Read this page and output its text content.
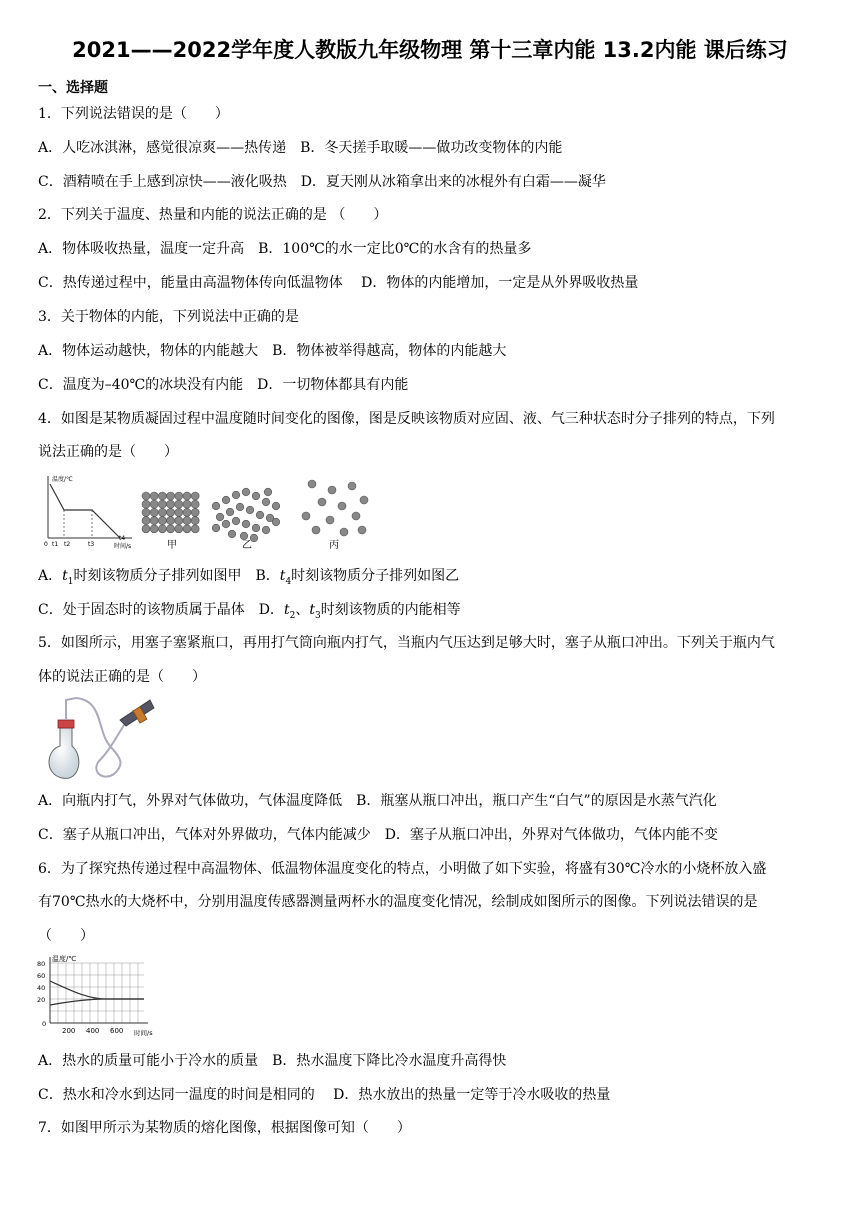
2021——2022学年度人教版九年级物理 第十三章内能 13.2内能 课后练习
一、选择题
1．下列说法错误的是（　　）
A．人吃冰淇淋，感觉很凉爽——热传递　B．冬天搓手取暖——做功改变物体的内能
C．酒精喷在手上感到凉快——液化吸热　D．夏天刚从冰箱拿出来的冰棍外有白霜——凝华
2．下列关于温度、热量和内能的说法正确的是 （　　）
A．物体吸收热量，温度一定升高　B．100℃的水一定比0℃的水含有的热量多
C．热传递过程中，能量由高温物体传向低温物体　 D．物体的内能增加，一定是从外界吸收热量
3．关于物体的内能，下列说法中正确的是
A．物体运动越快，物体的内能越大　B．物体被举得越高，物体的内能越大
C．温度为–40℃的冰块没有内能　D．一切物体都具有内能
4．如图是某物质凝固过程中温度随时间变化的图像，图是反映该物质对应固、液、气三种状态时分子排列的特点，下列
说法正确的是（　　）
温度/℃
0 t1 t2	t3
t4
时间/s	甲	乙	丙
A．$t_1$时刻该物质分子排列如图甲　B．$t_4$时刻该物质分子排列如图乙
C．处于固态时的该物质属于晶体　D．$t_2$、$t_3$时刻该物质的内能相等
5．如图所示，用塞子塞紧瓶口，再用打气筒向瓶内打气，当瓶内气压达到足够大时，塞子从瓶口冲出。下列关于瓶内气
体的说法正确的是（　　）
A．向瓶内打气，外界对气体做功，气体温度降低　B．瓶塞从瓶口冲出，瓶口产生“白气”的原因是水蒸气汽化
C．塞子从瓶口冲出，气体对外界做功，气体内能减少　D．塞子从瓶口冲出，外界对气体做功，气体内能不变
6．为了探究热传递过程中高温物体、低温物体温度变化的特点，小明做了如下实验，将盛有30℃冷水的小烧杯放入盛
有70℃热水的大烧杯中，分别用温度传感器测量两杯水的温度变化情况，绘制成如图所示的图像。下列说法错误的是
（　　）
温度/℃
80
60
40
20
0
200 400 600 时间/s
A．热水的质量可能小于冷水的质量　B．热水温度下降比冷水温度升高得快
C．热水和冷水到达同一温度的时间是相同的　 D．热水放出的热量一定等于冷水吸收的热量
7．如图甲所示为某物质的熔化图像，根据图像可知（　　）
